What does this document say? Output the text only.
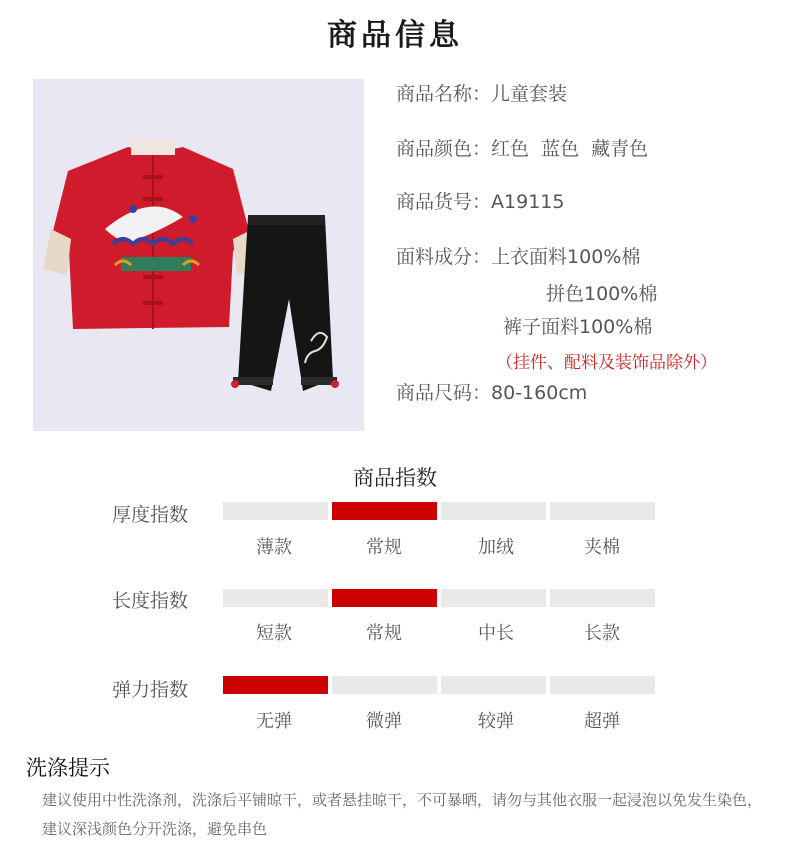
商品信息
商品名称：儿童套装
商品颜色：红色  蓝色  藏青色
商品货号：A19115
面料成分：上衣面料100%棉
拼色100%棉
裤子面料100%棉
（挂件、配料及装饰品除外）
商品尺码：80-160cm
商品指数
厚度指数
长度指数
弹力指数
洗涤提示
建议使用中性洗涤剂，洗涤后平铺晾干，或者悬挂晾干，不可暴晒，请勿与其他衣服一起浸泡以免发生染色，建议深浅颜色分开洗涤，避免串色
薄款	常规	加绒	夹棉
短款	常规	中长	长款
无弹	微弹	较弹	超弹
